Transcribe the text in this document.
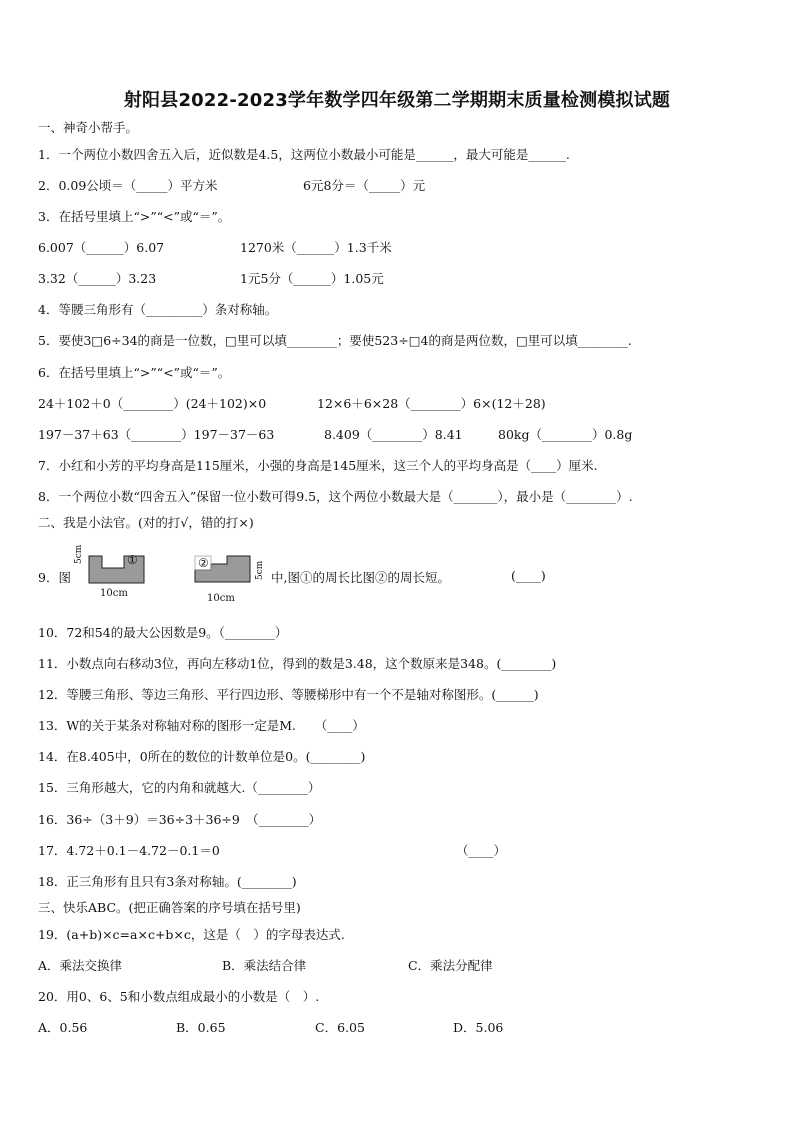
射阳县2022-2023学年数学四年级第二学期期末质量检测模拟试题
一、神奇小帮手。
1．一个两位小数四舍五入后，近似数是4.5，这两位小数最小可能是______，最大可能是______.
2．0.09公顷＝（_____）平方米	6元8分＝（_____）元
3．在括号里填上“>”“<”或“＝”。
6.007（______）6.07	1270米（______）1.3千米
3.32（______）3.23	1元5分（______）1.05元
4．等腰三角形有（_________）条对称轴。
5．要使3□6÷34的商是一位数，□里可以填________；要使523÷□4的商是两位数，□里可以填________.
6．在括号里填上“>”“<”或“＝”。
24＋102＋0（________）(24＋102)×0	12×6＋6×28（________）6×(12＋28)
197－37＋63（________）197－37－63	8.409（________）8.41	80kg（________）0.8g
7．小红和小芳的平均身高是115厘米，小强的身高是145厘米，这三个人的平均身高是（____）厘米.
8．一个两位小数“四舍五入”保留一位小数可得9.5，这个两位小数最大是（_______），最小是（________）.
二、我是小法官。(对的打√，错的打×)
9．图
①
5cm
10cm
②	5cm
10cm
中,图①的周长比图②的周长短。	(____)
10．72和54的最大公因数是9。（________）
11．小数点向右移动3位，再向左移动1位，得到的数是3.48，这个数原来是348。(________)
12．等腰三角形、等边三角形、平行四边形、等腰梯形中有一个不是轴对称图形。(______)
13．W的关于某条对称轴对称的图形一定是M.　　（____）
14．在8.405中，0所在的数位的计数单位是0。(________)
15．三角形越大，它的内角和就越大.（________）
16．36÷（3＋9）＝36÷3＋36÷9　（________）
17．4.72＋0.1－4.72－0.1＝0	（____）
18．正三角形有且只有3条对称轴。(________)
三、快乐ABC。(把正确答案的序号填在括号里)
19．(a+b)×c=a×c+b×c，这是（　）的字母表达式.
A．乘法交换律	B．乘法结合律	C．乘法分配律
20．用0、6、5和小数点组成最小的小数是（　）.
A．0.56	B．0.65	C．6.05	D．5.06
